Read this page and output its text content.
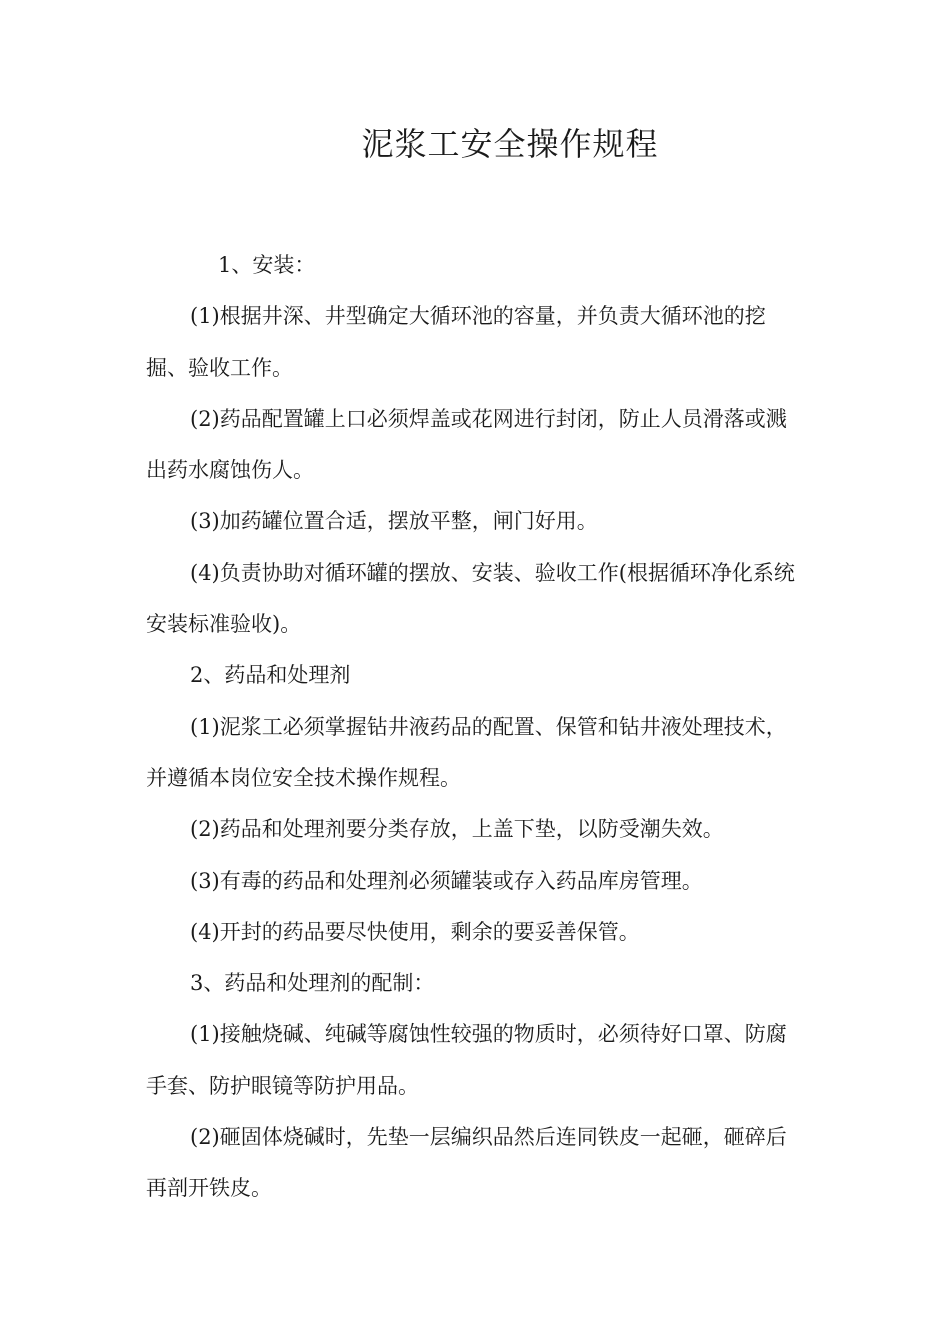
泥浆工安全操作规程

1、安装：

(1)根据井深、井型确定大循环池的容量，并负责大循环池的挖掘、验收工作。

(2)药品配置罐上口必须焊盖或花网进行封闭，防止人员滑落或溅出药水腐蚀伤人。

(3)加药罐位置合适，摆放平整，闸门好用。

(4)负责协助对循环罐的摆放、安装、验收工作(根据循环净化系统安装标准验收)。

2、药品和处理剂

(1)泥浆工必须掌握钻井液药品的配置、保管和钻井液处理技术，并遵循本岗位安全技术操作规程。

(2)药品和处理剂要分类存放，上盖下垫，以防受潮失效。

(3)有毒的药品和处理剂必须罐装或存入药品库房管理。

(4)开封的药品要尽快使用，剩余的要妥善保管。

3、药品和处理剂的配制：

(1)接触烧碱、纯碱等腐蚀性较强的物质时，必须待好口罩、防腐手套、防护眼镜等防护用品。

(2)砸固体烧碱时，先垫一层编织品然后连同铁皮一起砸，砸碎后再剖开铁皮。
